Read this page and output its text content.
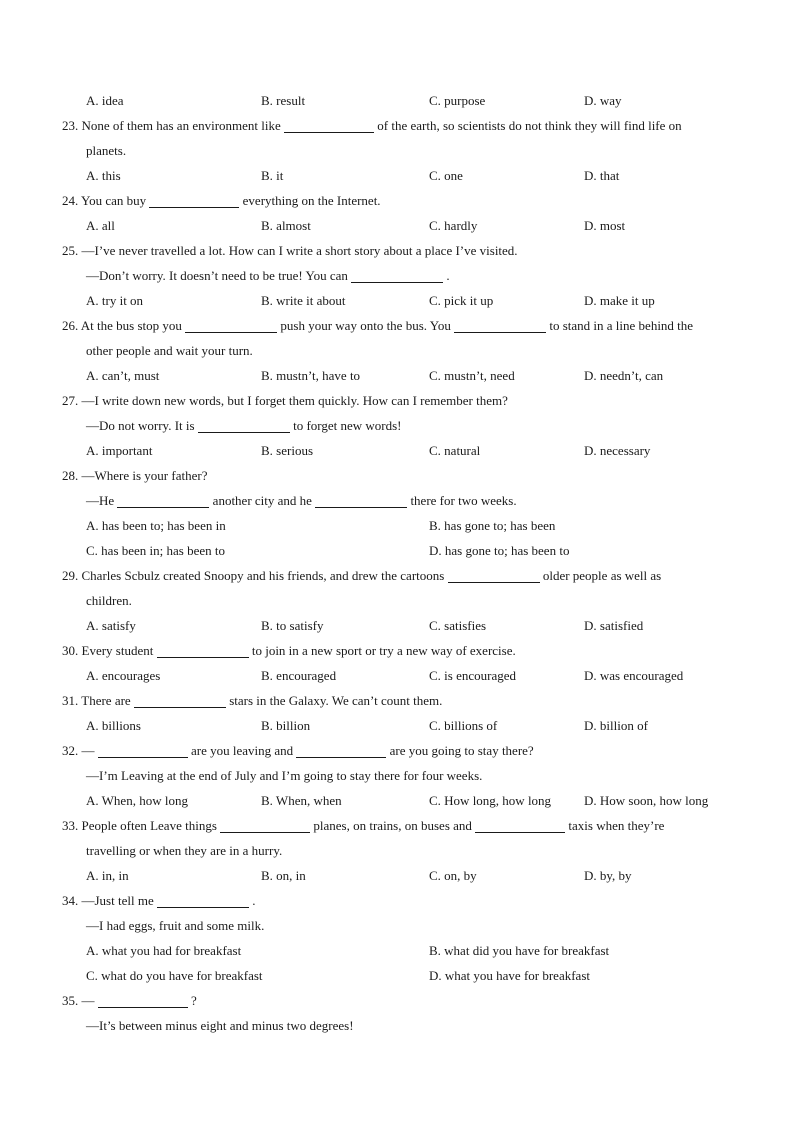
A. idea	B. result	C. purpose	D. way
23. None of them has an environment like	of the earth, so scientists do not think they will find life on
planets.
A. this	B. it	C. one	D. that
24. You can buy	everything on the Internet.
A. all	B. almost	C. hardly	D. most
25. —I’ve never travelled a lot. How can I write a short story about a place I’ve visited.
—Don’t worry. It doesn’t need to be true! You can	.
A. try it on	B. write it about	C. pick it up	D. make it up
26. At the bus stop you	push your way onto the bus. You	to stand in a line behind the
other people and wait your turn.
A. can’t, must	B. mustn’t, have to	C. mustn’t, need	D. needn’t, can
27. —I write down new words, but I forget them quickly. How can I remember them?
—Do not worry. It is	to forget new words!
A. important	B. serious	C. natural	D. necessary
28. —Where is your father?
—He	another city and he	there for two weeks.
A. has been to; has been in	B. has gone to; has been
C. has been in; has been to	D. has gone to; has been to
29. Charles Scbulz created Snoopy and his friends, and drew the cartoons	older people as well as
children.
A. satisfy	B. to satisfy	C. satisfies	D. satisfied
30. Every student	to join in a new sport or try a new way of exercise.
A. encourages	B. encouraged	C. is encouraged	D. was encouraged
31. There are	stars in the Galaxy. We can’t count them.
A. billions	B. billion	C. billions of	D. billion of
32. —	are you leaving and	are you going to stay there?
—I’m Leaving at the end of July and I’m going to stay there for four weeks.
A. When, how long	B. When, when	C. How long, how long	D. How soon, how long
33. People often Leave things	planes, on trains, on buses and	taxis when they’re
travelling or when they are in a hurry.
A. in, in	B. on, in	C. on, by	D. by, by
34. —Just tell me	.
—I had eggs, fruit and some milk.
A. what you had for breakfast	B. what did you have for breakfast
C. what do you have for breakfast	D. what you have for breakfast
35. —	?
—It’s between minus eight and minus two degrees!
